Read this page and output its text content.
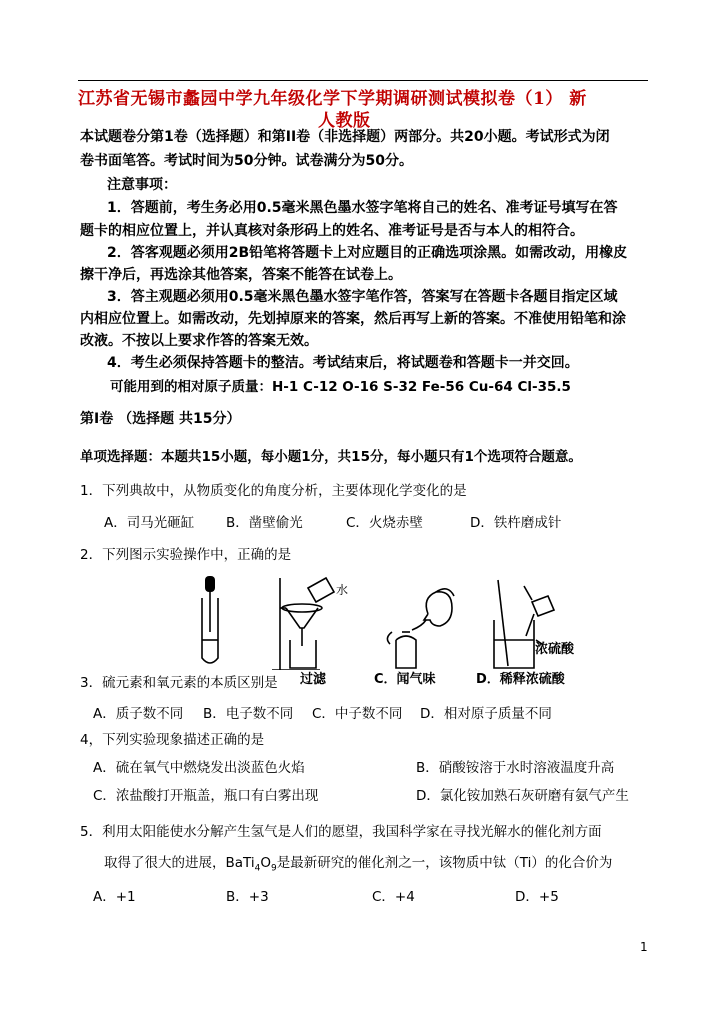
江苏省无锡市蠡园中学九年级化学下学期调研测试模拟卷（1） 新
人教版
本试题卷分第1卷（选择题）和第II卷（非选择题）两部分。共20小题。考试形式为闭
卷书面笔答。考试时间为50分钟。试卷满分为50分。
注意事项：
1．答题前，考生务必用0.5毫米黑色墨水签字笔将自己的姓名、准考证号填写在答
题卡的相应位置上，并认真核对条形码上的姓名、准考证号是否与本人的相符合。
2．答客观题必须用2B铅笔将答题卡上对应题目的正确选项涂黑。如需改动，用橡皮
擦干净后，再选涂其他答案，答案不能答在试卷上。
3．答主观题必须用0.5毫米黑色墨水签字笔作答，答案写在答题卡各题目指定区域
内相应位置上。如需改动，先划掉原来的答案，然后再写上新的答案。不准使用铅笔和涂
改液。不按以上要求作答的答案无效。
4．考生必须保持答题卡的整洁。考试结束后，将试题卷和答题卡一并交回。
可能用到的相对原子质量：H-1 C-12 O-16 S-32 Fe-56 Cu-64 Cl-35.5
第Ⅰ卷 （选择题 共15分）
单项选择题：本题共15小题，每小题1分，共15分，每小题只有1个选项符合题意。
1．下列典故中，从物质变化的角度分析，主要体现化学变化的是
A．司马光砸缸 B．凿壁偷光	C．火烧赤壁	D．铁杵磨成针
2．下列图示实验操作中，正确的是
水
浓硫酸
过滤	C．闻气味	D．稀释浓硫酸
3．硫元素和氧元素的本质区别是
A．质子数不同 B．电子数不同 C．中子数不同 D．相对原子质量不同
4，下列实验现象描述正确的是
A．硫在氧气中燃烧发出淡蓝色火焰	B．硝酸铵溶于水时溶液温度升高
C．浓盐酸打开瓶盖，瓶口有白雾出现	D．氯化铵加熟石灰研磨有氨气产生
5．利用太阳能使水分解产生氢气是人们的愿望，我国科学家在寻找光解水的催化剂方面
取得了很大的进展，$BaTi_4O_9$是最新研究的催化剂之一，该物质中钛（Ti）的化合价为
A．+1	B．+3	C．+4	D．+5
1
